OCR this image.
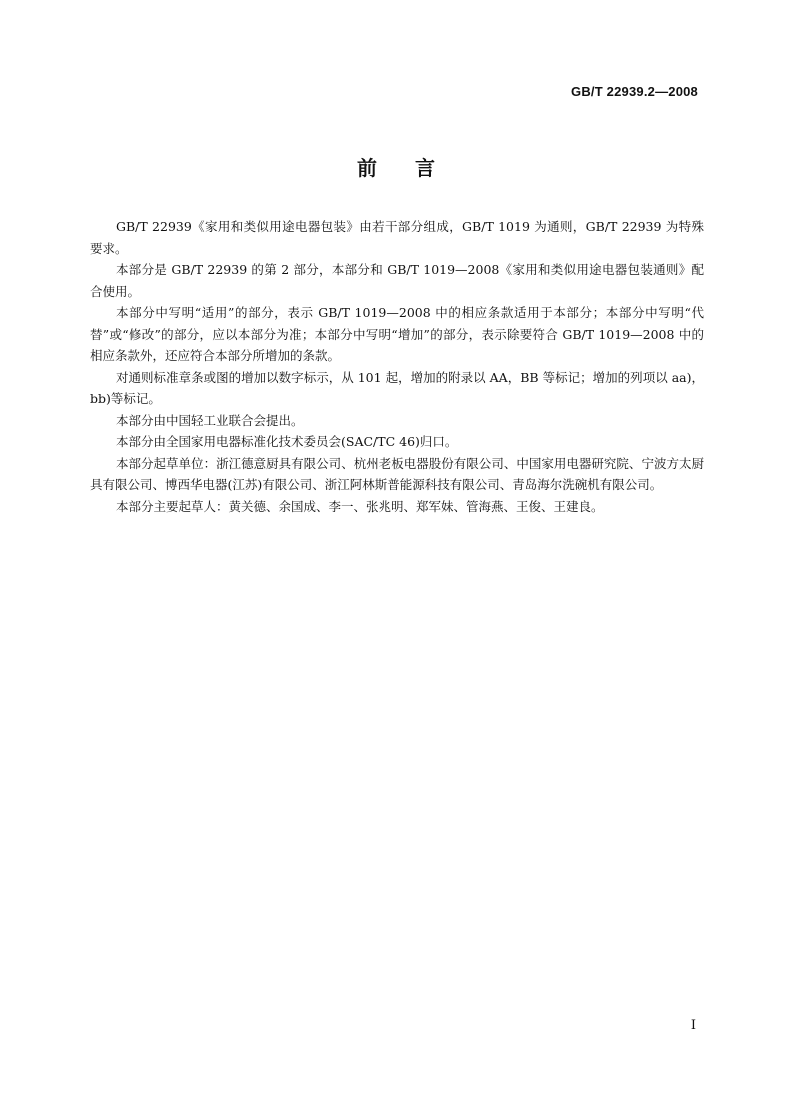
GB/T 22939.2—2008
前言

GB/T 22939《家用和类似用途电器包装》由若干部分组成，GB/T 1019 为通则，GB/T 22939 为特殊要求。

本部分是 GB/T 22939 的第 2 部分，本部分和 GB/T 1019—2008《家用和类似用途电器包装通则》配合使用。

本部分中写明“适用”的部分，表示 GB/T 1019—2008 中的相应条款适用于本部分；本部分中写明“代替”或“修改”的部分，应以本部分为准；本部分中写明“增加”的部分，表示除要符合 GB/T 1019—2008 中的相应条款外，还应符合本部分所增加的条款。

对通则标准章条或图的增加以数字标示，从 101 起，增加的附录以 AA，BB 等标记；增加的列项以 aa)，bb)等标记。

本部分由中国轻工业联合会提出。

本部分由全国家用电器标准化技术委员会(SAC/TC 46)归口。

本部分起草单位：浙江德意厨具有限公司、杭州老板电器股份有限公司、中国家用电器研究院、宁波方太厨具有限公司、博西华电器(江苏)有限公司、浙江阿林斯普能源科技有限公司、青岛海尔洗碗机有限公司。

本部分主要起草人：黄关德、余国成、李一、张兆明、郑军妹、管海燕、王俊、王建良。

I
